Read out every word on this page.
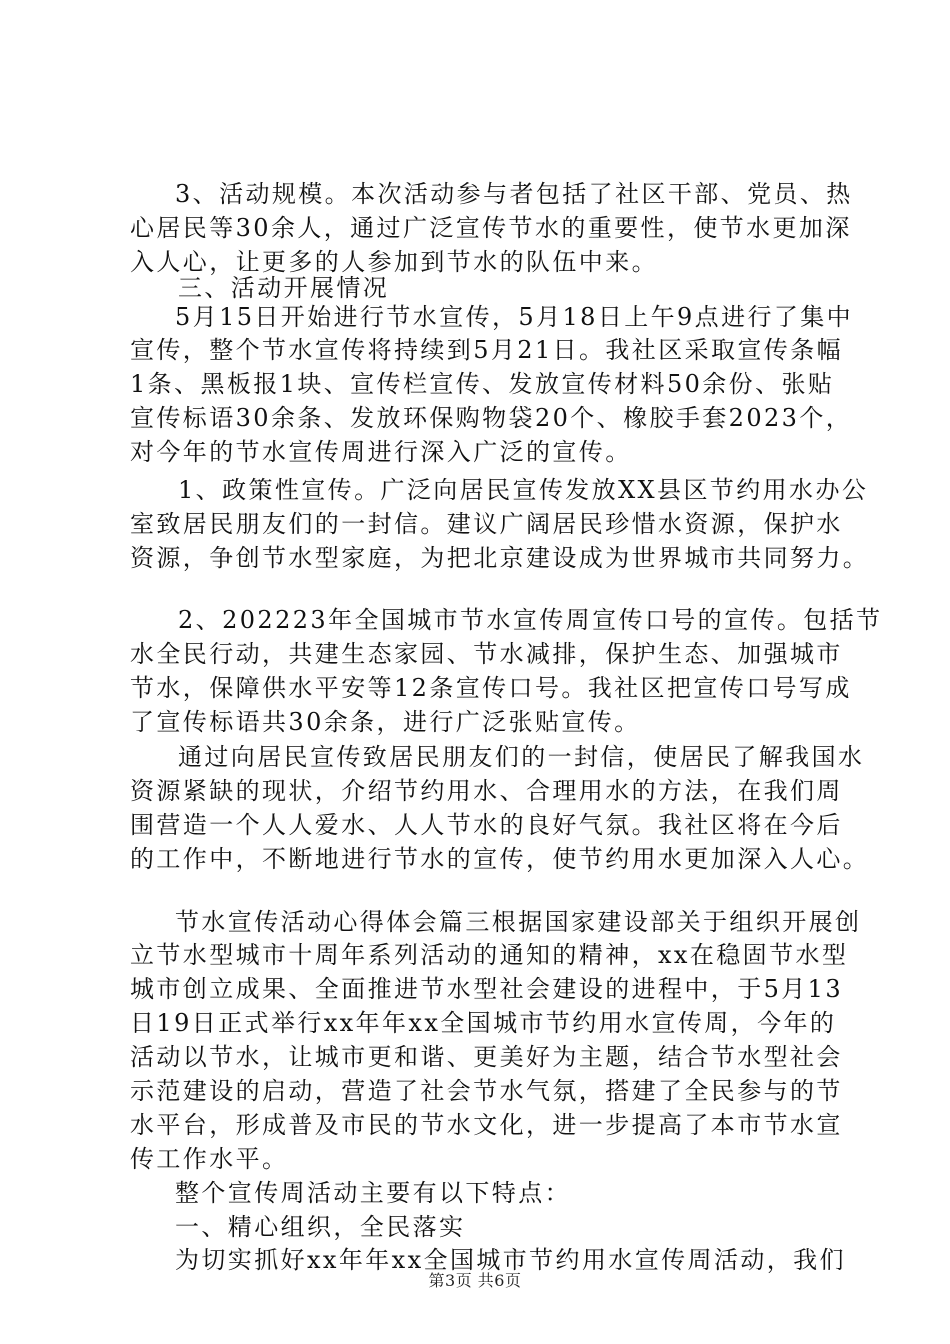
3、活动规模。本次活动参与者包括了社区干部、党员、热
心居民等30余人，通过广泛宣传节水的重要性，使节水更加深
入人心，让更多的人参加到节水的队伍中来。
三、活动开展情况
5月15日开始进行节水宣传，5月18日上午9点进行了集中
宣传，整个节水宣传将持续到5月21日。我社区采取宣传条幅
1条、黑板报1块、宣传栏宣传、发放宣传材料50余份、张贴
宣传标语30余条、发放环保购物袋20个、橡胶手套2023个，
对今年的节水宣传周进行深入广泛的宣传。
1、政策性宣传。广泛向居民宣传发放XX县区节约用水办公
室致居民朋友们的一封信。建议广阔居民珍惜水资源，保护水
资源，争创节水型家庭，为把北京建设成为世界城市共同努力。
2、202223年全国城市节水宣传周宣传口号的宣传。包括节
水全民行动，共建生态家园、节水减排，保护生态、加强城市
节水，保障供水平安等12条宣传口号。我社区把宣传口号写成
了宣传标语共30余条，进行广泛张贴宣传。
通过向居民宣传致居民朋友们的一封信，使居民了解我国水
资源紧缺的现状，介绍节约用水、合理用水的方法，在我们周
围营造一个人人爱水、人人节水的良好气氛。我社区将在今后
的工作中，不断地进行节水的宣传，使节约用水更加深入人心。
节水宣传活动心得体会篇三根据国家建设部关于组织开展创
立节水型城市十周年系列活动的通知的精神，xx在稳固节水型
城市创立成果、全面推进节水型社会建设的进程中，于5月13
日19日正式举行xx年年xx全国城市节约用水宣传周，今年的
活动以节水，让城市更和谐、更美好为主题，结合节水型社会
示范建设的启动，营造了社会节水气氛，搭建了全民参与的节
水平台，形成普及市民的节水文化，进一步提高了本市节水宣
传工作水平。
整个宣传周活动主要有以下特点：
一、精心组织，全民落实
为切实抓好xx年年xx全国城市节约用水宣传周活动，我们
第3页 共6页
